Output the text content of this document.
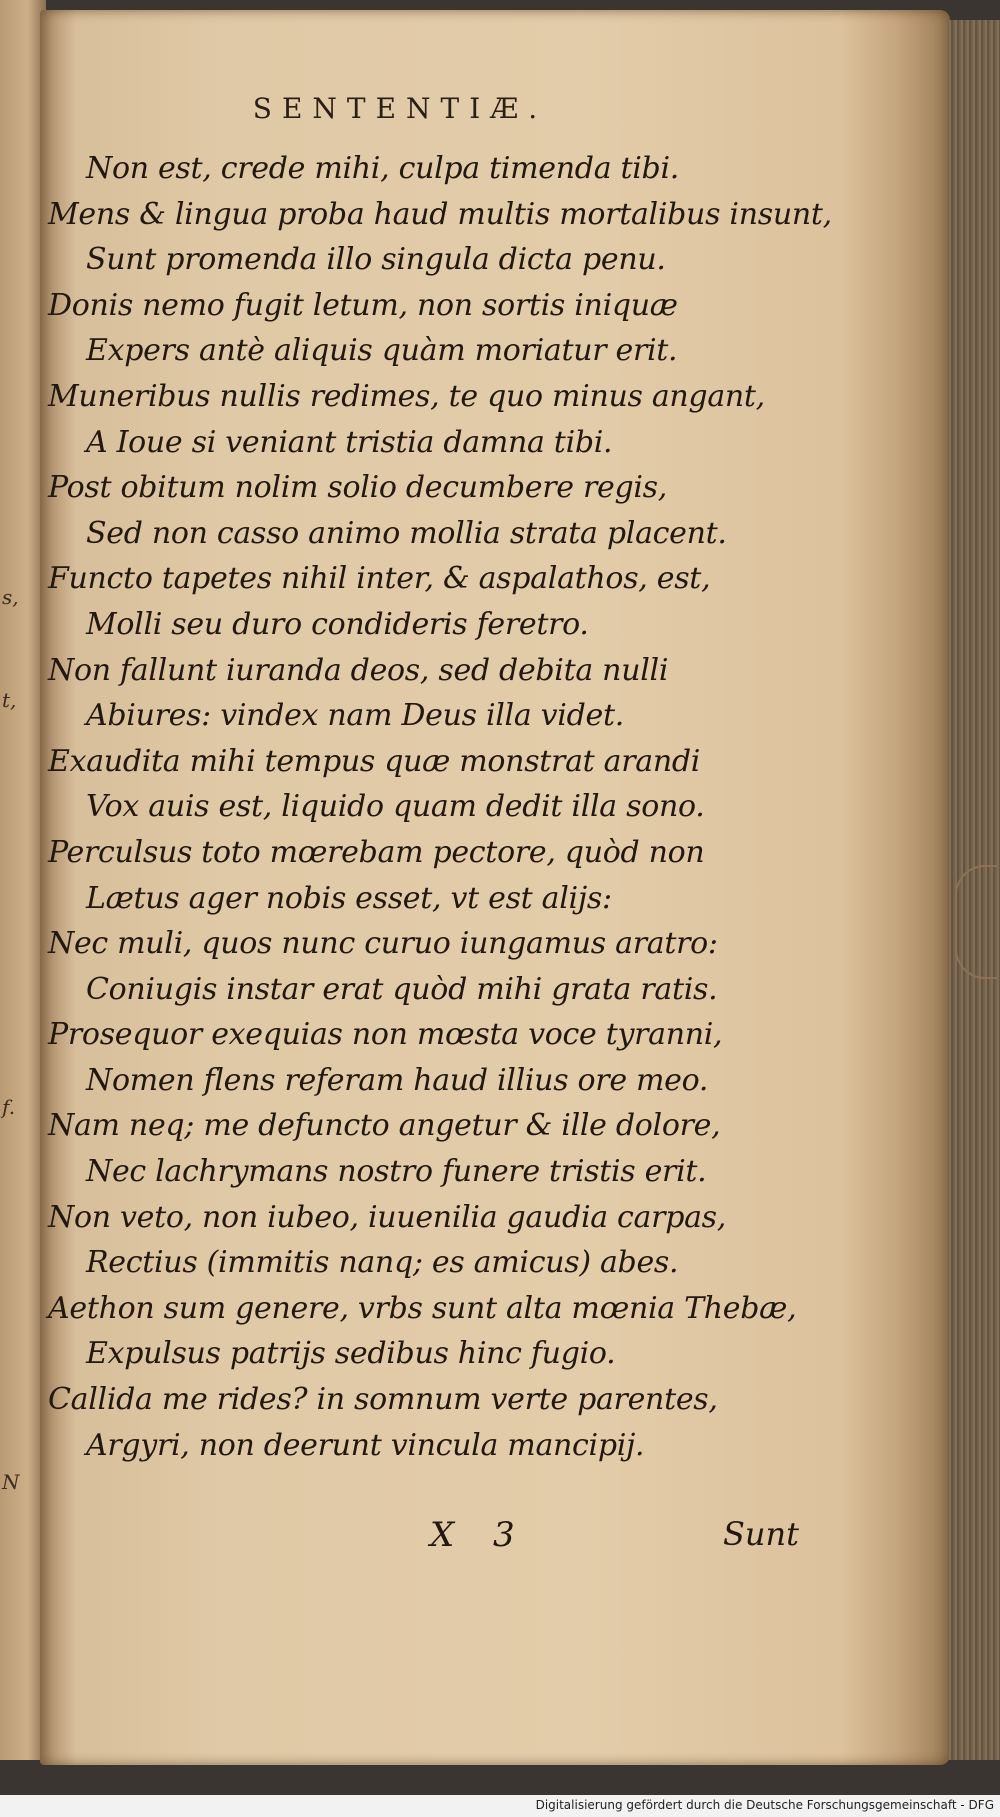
s,
t,
f.
N
SENTENTIÆ.
Non est, crede mihi, culpa timenda tibi.
Mens & lingua proba haud multis mortalibus insunt,
Sunt promenda illo singula dicta penu.
Donis nemo fugit letum, non sortis iniquæ
Expers antè aliquis quàm moriatur erit.
Muneribus nullis redimes, te quo minus angant,
A Ioue si veniant tristia damna tibi.
Post obitum nolim solio decumbere regis,
Sed non casso animo mollia strata placent.
Functo tapetes nihil inter, & aspalathos, est,
Molli seu duro condideris feretro.
Non fallunt iuranda deos, sed debita nulli
Abiures: vindex nam Deus illa videt.
Exaudita mihi tempus quæ monstrat arandi
Vox auis est, liquido quam dedit illa sono.
Perculsus toto mœrebam pectore, quòd non
Lætus ager nobis esset, vt est alijs:
Nec muli, quos nunc curuo iungamus aratro:
Coniugis instar erat quòd mihi grata ratis.
Prosequor exequias non mœsta voce tyranni,
Nomen flens referam haud illius ore meo.
Nam neq; me defuncto angetur & ille dolore,
Nec lachrymans nostro funere tristis erit.
Non veto, non iubeo, iuuenilia gaudia carpas,
Rectius (immitis nanq; es amicus) abes.
Aethon sum genere, vrbs sunt alta mœnia Thebæ,
Expulsus patrijs sedibus hinc fugio.
Callida me rides? in somnum verte parentes,
Argyri, non deerunt vincula mancipij.
X 3	Sunt
Digitalisierung gefördert durch die Deutsche Forschungsgemeinschaft - DFG
